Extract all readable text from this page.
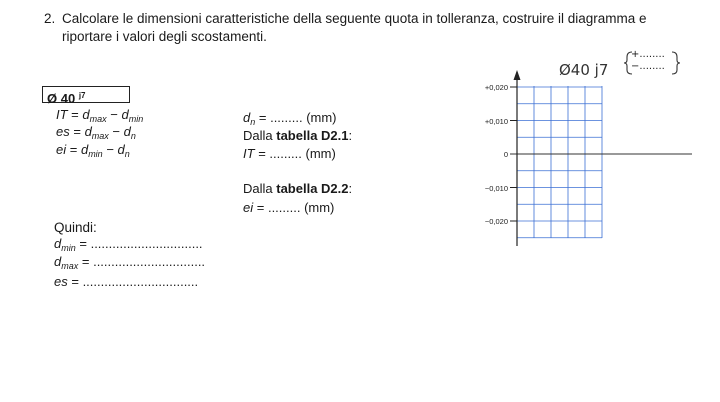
2. Calcolare le dimensioni caratteristiche della seguente quota in tolleranza, costruire il diagramma e
riportare i valori degli scostamenti.
Ø 40 $^{j7}$
IT = $d_{max} - d_{min}$
es = $d_{max} - d_n$
ei = $d_{min} - d_n$
$d_n$ = ......... (mm)
Dalla tabella D2.1:
IT = ......... (mm)
Dalla tabella D2.2:
ei = ......... (mm)
Quindi:
$d_{min}$ = ...............................
$d_{max}$ = ...............................
es = ................................
Ø40 j7
+........
−........
+0,020
+0,010
0
−0,010
−0,020
